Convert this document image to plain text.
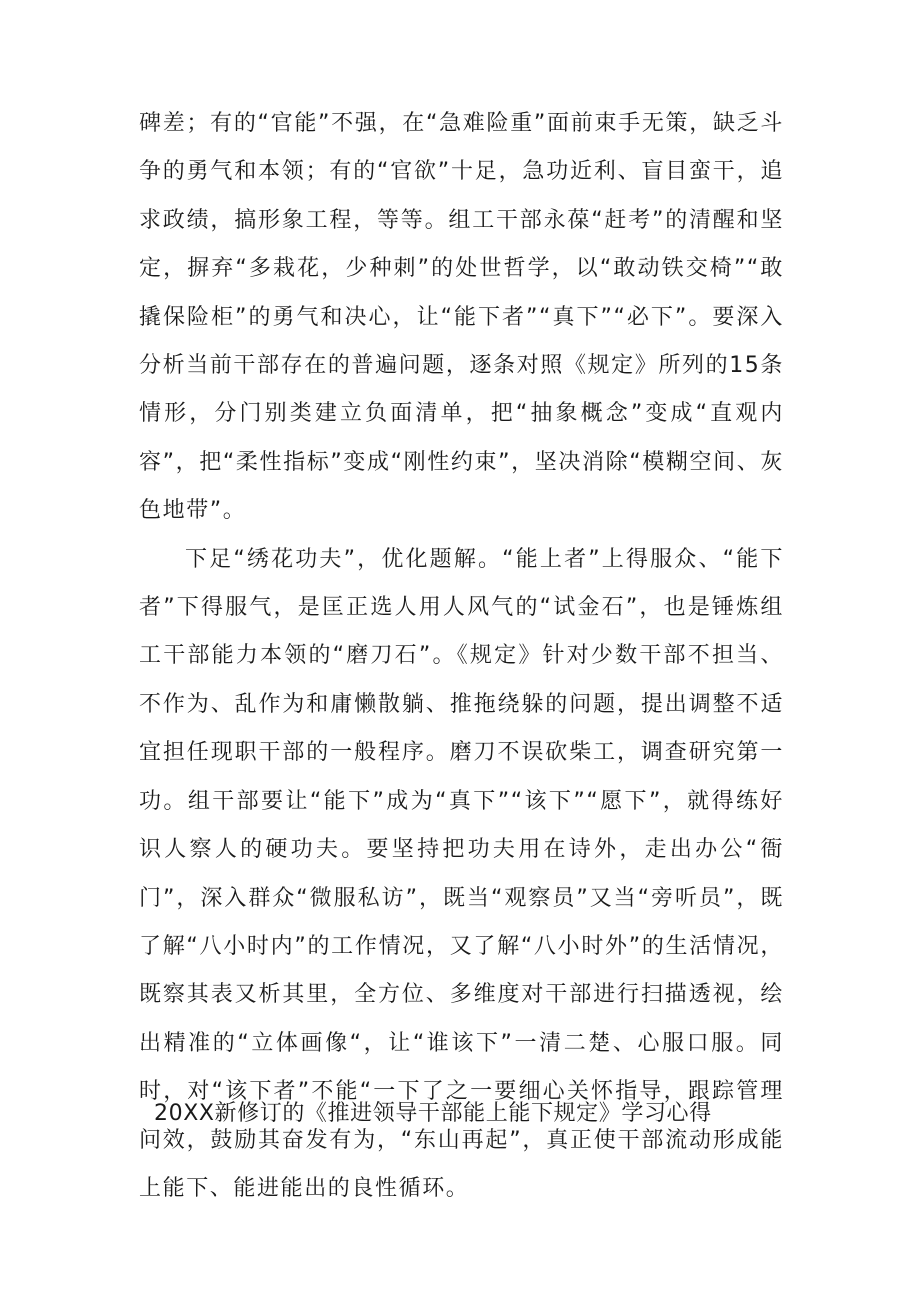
碑差；有的“官能”不强，在“急难险重”面前束手无策，缺乏斗争的勇气和本领；有的“官欲”十足，急功近利、盲目蛮干，追求政绩，搞形象工程，等等。组工干部永葆“赶考”的清醒和坚定，摒弃“多栽花，少种刺”的处世哲学，以“敢动铁交椅”“敢撬保险柜”的勇气和决心，让“能下者”“真下”“必下”。要深入分析当前干部存在的普遍问题，逐条对照《规定》所列的15条情形，分门别类建立负面清单，把“抽象概念”变成“直观内容”，把“柔性指标”变成“刚性约束”，坚决消除“模糊空间、灰色地带”。

下足“绣花功夫”，优化题解。“能上者”上得服众、“能下者”下得服气，是匡正选人用人风气的“试金石”，也是锤炼组工干部能力本领的“磨刀石”。《规定》针对少数干部不担当、不作为、乱作为和庸懒散躺、推拖绕躲的问题，提出调整不适宜担任现职干部的一般程序。磨刀不误砍柴工，调查研究第一功。组干部要让“能下”成为“真下”“该下”“愿下”，就得练好识人察人的硬功夫。要坚持把功夫用在诗外，走出办公“衙门”，深入群众“微服私访”，既当“观察员”又当“旁听员”，既了解“八小时内”的工作情况，又了解“八小时外”的生活情况，既察其表又析其里，全方位、多维度对干部进行扫描透视，绘出精准的“立体画像“，让“谁该下”一清二楚、心服口服。同时，对“该下者”不能“一下了之一要细心关怀指导，跟踪管理问效，鼓励其奋发有为，“东山再起”，真正使干部流动形成能上能下、能进能出的良性循环。

20XX新修订的《推进领导干部能上能下规定》学习心得
